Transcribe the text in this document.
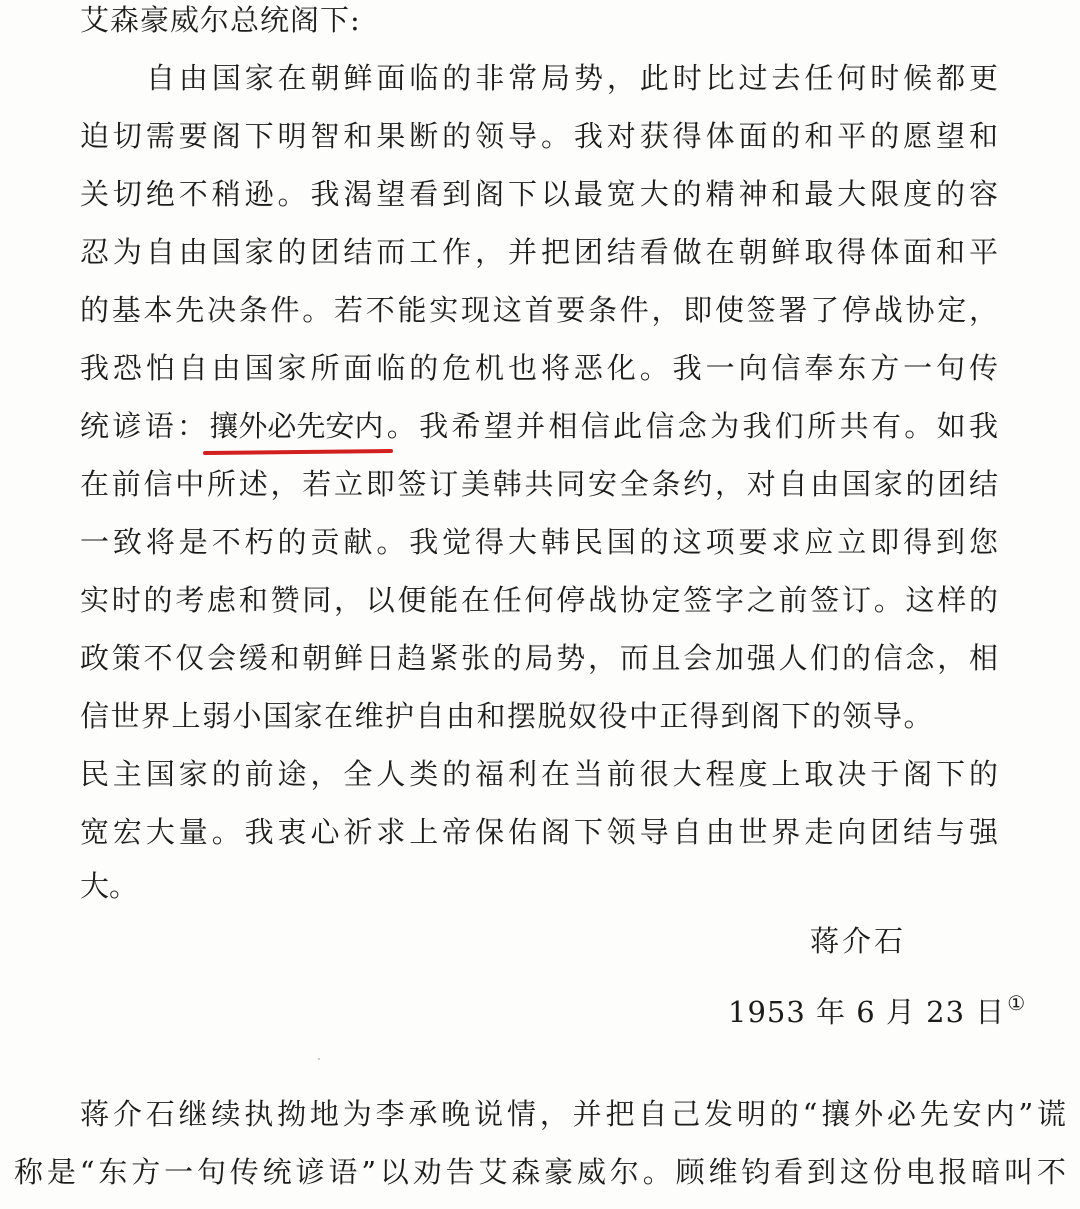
艾森豪威尔总统阁下:
自由国家在朝鲜面临的非常局势，此时比过去任何时候都更
迫切需要阁下明智和果断的领导。我对获得体面的和平的愿望和
关切绝不稍逊。我渴望看到阁下以最宽大的精神和最大限度的容
忍为自由国家的团结而工作，并把团结看做在朝鲜取得体面和平
的基本先决条件。若不能实现这首要条件，即使签署了停战协定，
我恐怕自由国家所面临的危机也将恶化。我一向信奉东方一句传
统谚语：攘外必先安内
。我希望并相信此信念为我们所共有。如我
在前信中所述，若立即签订美韩共同安全条约，对自由国家的团结
一致将是不朽的贡献。我觉得大韩民国的这项要求应立即得到您
实时的考虑和赞同，以便能在任何停战协定签字之前签订。这样的
政策不仅会缓和朝鲜日趋紧张的局势，而且会加强人们的信念，相
信世界上弱小国家在维护自由和摆脱奴役中正得到阁下的领导。
民主国家的前途，全人类的福利在当前很大程度上取决于阁下的
宽宏大量。我衷心祈求上帝保佑阁下领导自由世界走向团结与强
大。
蒋介石
1953 年 6 月 23 日 ①
蒋介石继续执拗地为李承晚说情，并把自己发明的“攘外必先安内”谎
称是“东方一句传统谚语”以劝告艾森豪威尔。顾维钧看到这份电报暗叫不
